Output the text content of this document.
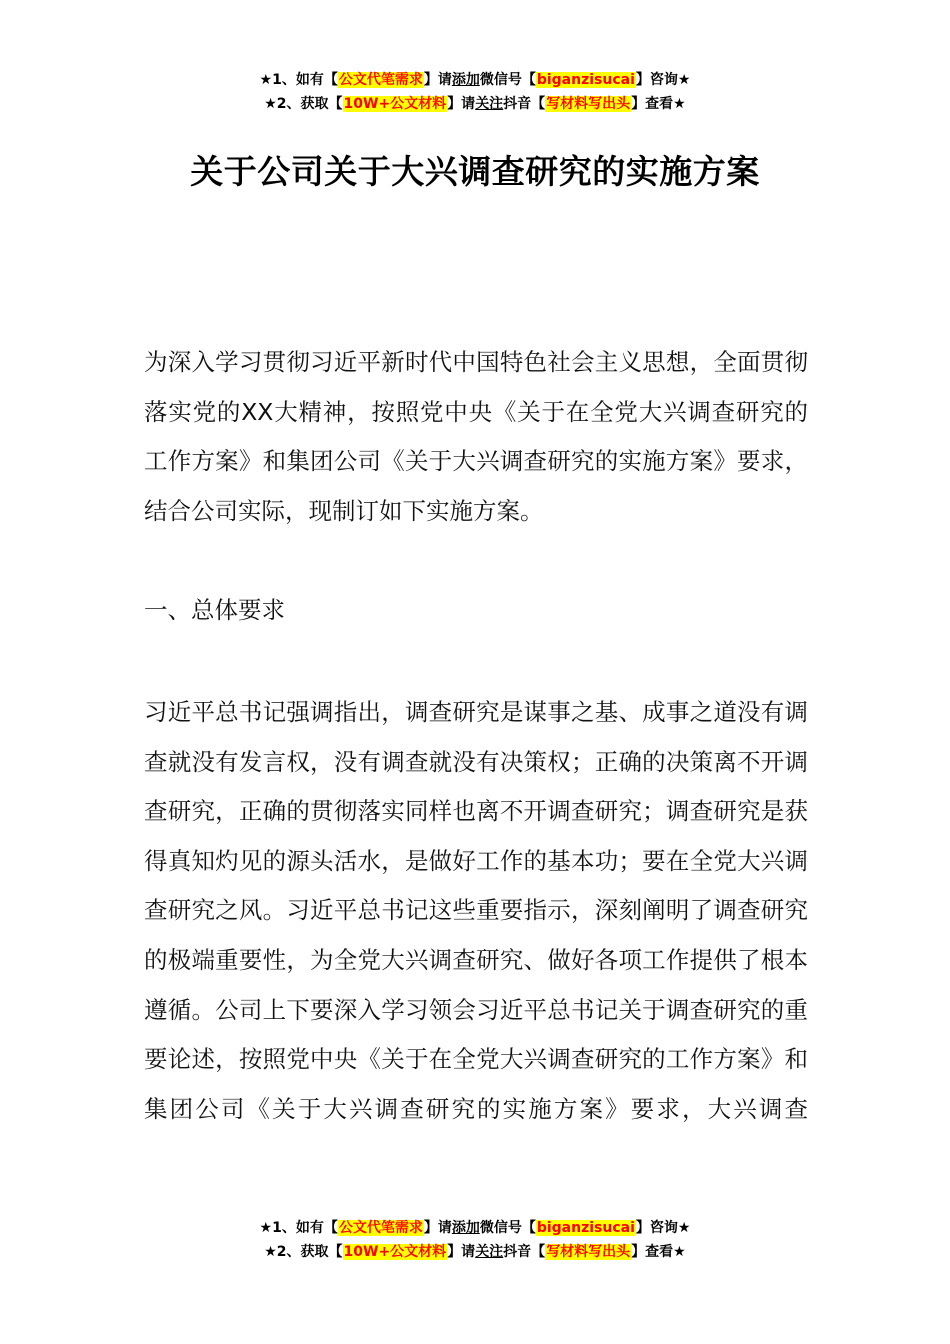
★1、如有【公文代笔需求】请添加微信号【biganzisucai】咨询★
★2、获取【10W+公文材料】请关注抖音【写材料写出头】查看★
关于公司关于大兴调查研究的实施方案
为深入学习贯彻习近平新时代中国特色社会主义思想，全面贯彻落实党的XX大精神，按照党中央《关于在全党大兴调查研究的工作方案》和集团公司《关于大兴调查研究的实施方案》要求，结合公司实际，现制订如下实施方案。
一、总体要求
习近平总书记强调指出，调查研究是谋事之基、成事之道没有调查就没有发言权，没有调查就没有决策权；正确的决策离不开调查研究，正确的贯彻落实同样也离不开调查研究；调查研究是获得真知灼见的源头活水，是做好工作的基本功；要在全党大兴调查研究之风。习近平总书记这些重要指示，深刻阐明了调查研究的极端重要性，为全党大兴调查研究、做好各项工作提供了根本遵循。公司上下要深入学习领会习近平总书记关于调查研究的重要论述，按照党中央《关于在全党大兴调查研究的工作方案》和集团公司《关于大兴调查研究的实施方案》要求，大兴调查
★1、如有【公文代笔需求】请添加微信号【biganzisucai】咨询★
★2、获取【10W+公文材料】请关注抖音【写材料写出头】查看★
